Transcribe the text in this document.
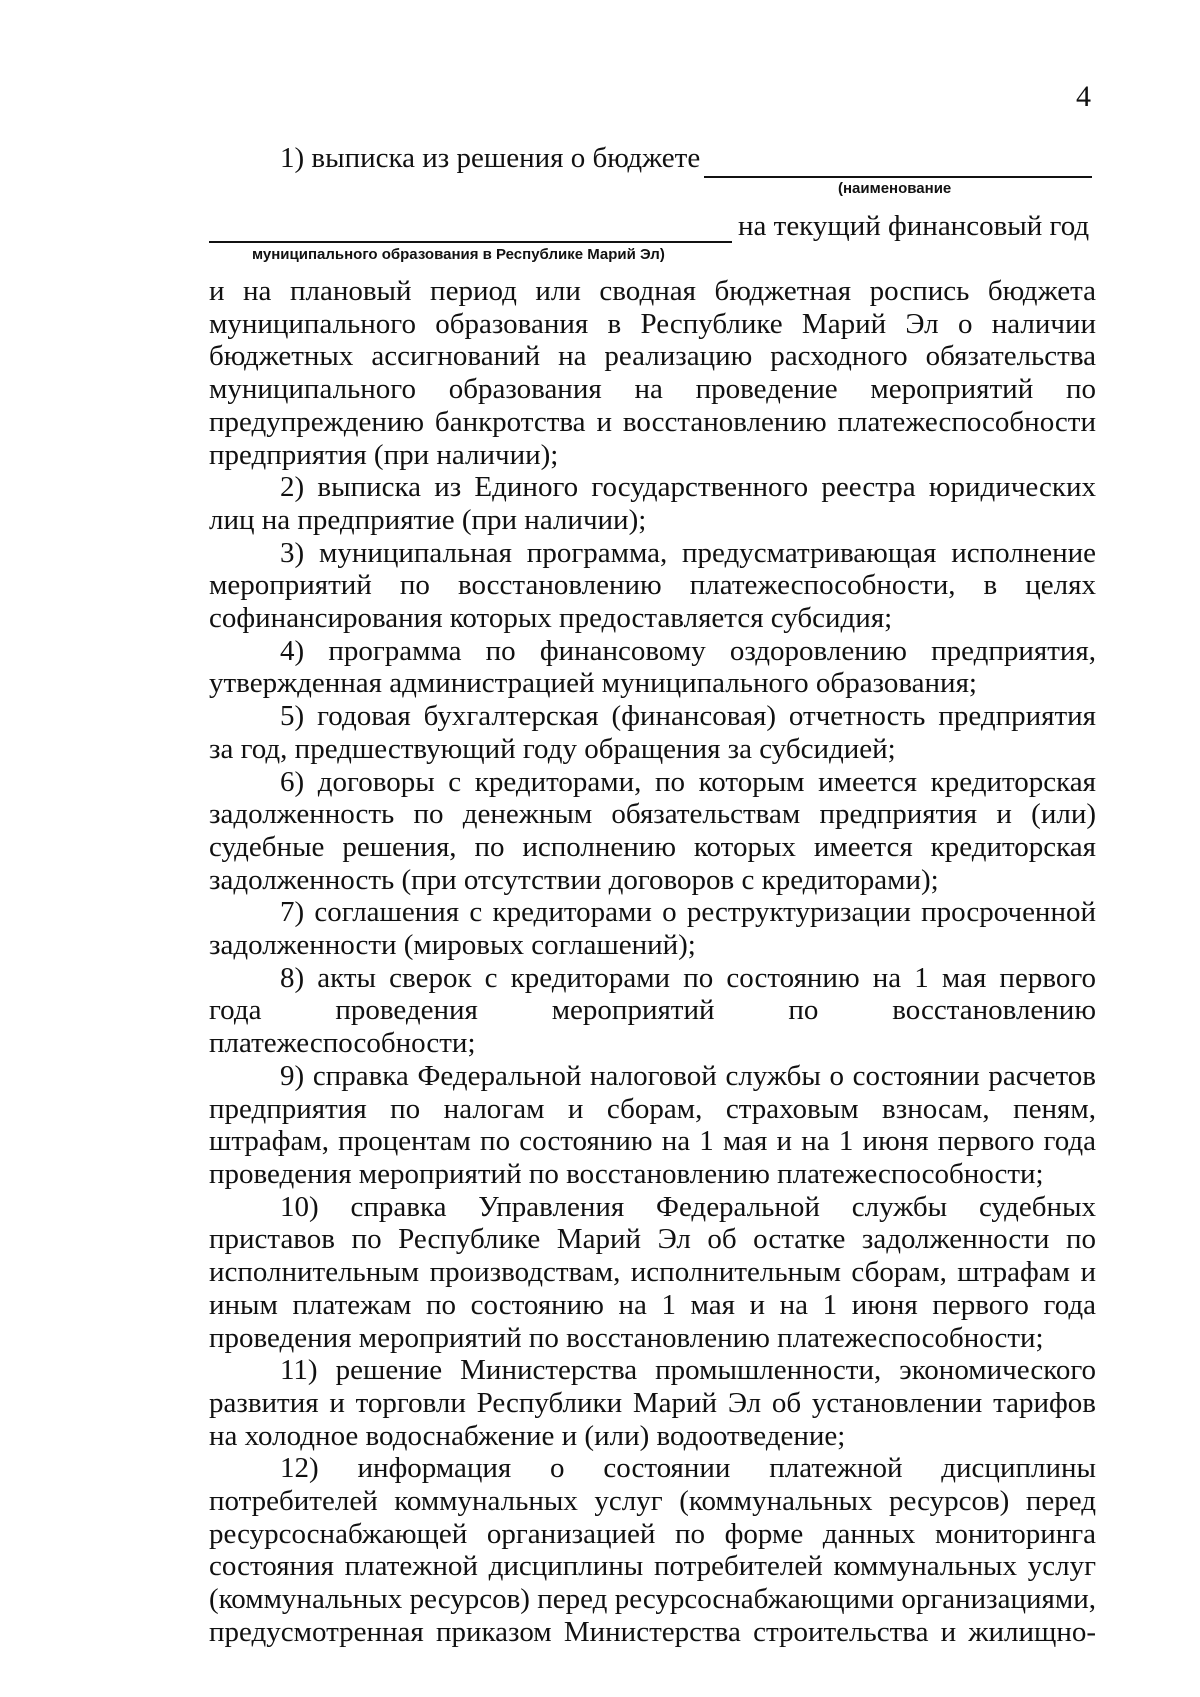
4
1) выписка из решения о бюджете
(наименование
на текущий финансовый год
муниципального образования в Республике Марий Эл)

и на плановый период или сводная бюджетная роспись бюджета муниципального образования в Республике Марий Эл о наличии бюджетных ассигнований на реализацию расходного обязательства муниципального образования на проведение мероприятий по предупреждению банкротства и восстановлению платежеспособности предприятия (при наличии);

2) выписка из Единого государственного реестра юридических лиц на предприятие (при наличии);

3) муниципальная программа, предусматривающая исполнение мероприятий по восстановлению платежеспособности, в целях софинансирования которых предоставляется субсидия;

4) программа по финансовому оздоровлению предприятия, утвержденная администрацией муниципального образования;

5) годовая бухгалтерская (финансовая) отчетность предприятия за год, предшествующий году обращения за субсидией;

6) договоры с кредиторами, по которым имеется кредиторская задолженность по денежным обязательствам предприятия и (или) судебные решения, по исполнению которых имеется кредиторская задолженность (при отсутствии договоров с кредиторами);

7) соглашения с кредиторами о реструктуризации просроченной задолженности (мировых соглашений);

8) акты сверок с кредиторами по состоянию на 1 мая первого года проведения мероприятий по восстановлению платежеспособности;

9) справка Федеральной налоговой службы о состоянии расчетов предприятия по налогам и сборам, страховым взносам, пеням, штрафам, процентам по состоянию на 1 мая и на 1 июня первого года проведения мероприятий по восстановлению платежеспособности;

10) справка Управления Федеральной службы судебных приставов по Республике Марий Эл об остатке задолженности по исполнительным производствам, исполнительным сборам, штрафам и иным платежам по состоянию на 1 мая и на 1 июня первого года проведения мероприятий по восстановлению платежеспособности;

11) решение Министерства промышленности, экономического развития и торговли Республики Марий Эл об установлении тарифов на холодное водоснабжение и (или) водоотведение;

12) информация о состоянии платежной дисциплины потребителей коммунальных услуг (коммунальных ресурсов) перед ресурсоснабжающей организацией по форме данных мониторинга состояния платежной дисциплины потребителей коммунальных услуг (коммунальных ресурсов) перед ресурсоснабжающими организациями, предусмотренная приказом Министерства строительства и жилищно-
